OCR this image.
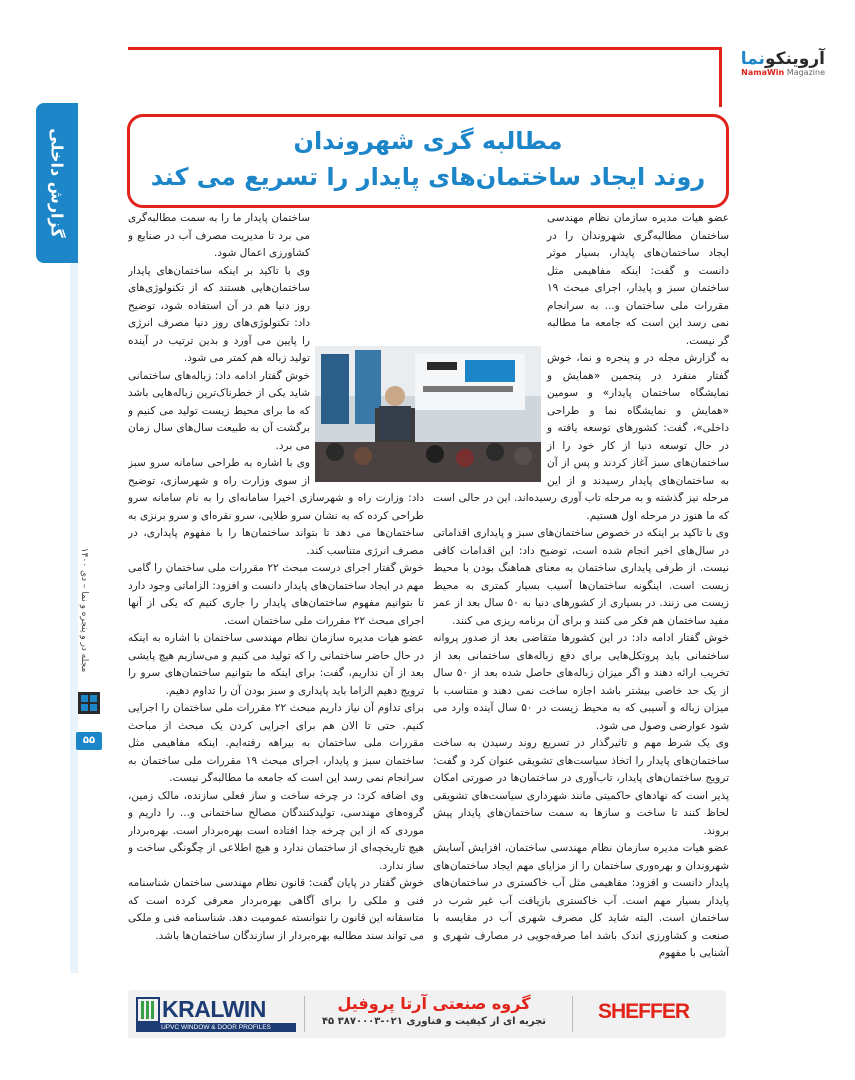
آروینکونما
NamaWin Magazine
گزارش داخلی
مجله در و پنجره و نما – دی ۱۴۰۰
۵۵
مطالبه گری شهروندان
روند ایجاد ساختمان‌های پایدار را تسریع می کند

عضو هیات مدیره سازمان نظام مهندسی ساختمان مطالبه‌گری شهروندان را در ایجاد ساختمان‌های پایدار، بسیار موثر دانست و گفت: اینکه مفاهیمی مثل ساختمان سبز و پایدار، اجرای مبحث ۱۹ مقررات ملی ساختمان و... به سرانجام نمی رسد این است که جامعه ما مطالبه گر نیست.

به گزارش مجله در و پنجره و نما، خوش گفتار منفرد در پنجمین «همایش و نمایشگاه ساختمان پایدار» و سومین «همایش و نمایشگاه نما و طراحی داخلی»، گفت: کشورهای توسعه یافته و در حال توسعه دنیا از کار خود را از ساختمان‌های سبز آغاز کردند و پس از آن به ساختمان‌های پایدار رسیدند و از این مرحله نیز گذشته و به مرحله تاب آوری رسیده‌اند. این در حالی است که ما هنوز در مرحله اول هستیم.

وی با تاکید بر اینکه در خصوص ساختمان‌های سبز و پایداری اقداماتی در سال‌های اخیر انجام شده است، توضیح داد: این اقدامات کافی نیست. از طرفی پایداری ساختمان به معنای هماهنگ بودن با محیط زیست است. اینگونه ساختمان‌ها آسیب بسیار کمتری به محیط زیست می زنند. در بسیاری از کشورهای دنیا به ۵۰ سال بعد از عمر مفید ساختمان هم فکر می کنند و برای آن برنامه ریزی می کنند.

خوش گفتار ادامه داد: در این کشورها متقاضی بعد از صدور پروانه ساختمانی باید پروتکل‌هایی برای دفع زباله‌های ساختمانی بعد از تخریب ارائه دهند و اگر میزان زباله‌های حاصل شده بعد از ۵۰ سال از یک حد خاصی بیشتر باشد اجازه ساخت نمی دهند و متناسب با میزان زباله و آسیبی که به محیط زیست در ۵۰ سال آینده وارد می شود عوارضی وصول می شود.

وی یک شرط مهم و تاثیرگذار در تسریع روند رسیدن به ساخت ساختمان‌های پایدار را اتخاذ سیاست‌های تشویقی عنوان کرد و گفت: ترویج ساختمان‌های پایدار، تاب‌آوری در ساختمان‌ها در صورتی امکان پذیر است که نهادهای حاکمیتی مانند شهرداری سیاست‌های تشویقی لحاظ کنند تا ساخت و سازها به سمت ساختمان‌های پایدار پیش بروند.

عضو هیات مدیره سازمان نظام مهندسی ساختمان، افزایش آسایش شهروندان و بهره‌وری ساختمان را از مزایای مهم ایجاد ساختمان‌های پایدار دانست و افزود: مفاهیمی مثل آب خاکستری در ساختمان‌های پایدار بسیار مهم است. آب خاکستری بازیافت آب غیر شرب در ساختمان است. البته شاید کل مصرف شهری آب در مقایسه با صنعت و کشاورزی اندک باشد اما صرفه‌جویی در مصارف شهری و آشنایی با مفهوم

ساختمان پایدار ما را به سمت مطالبه‌گری می برد تا مدیریت مصرف آب در صنایع و کشاورزی اعمال شود.

وی با تاکید بر اینکه ساختمان‌های پایدار ساختمان‌هایی هستند که از تکنولوژی‌های روز دنیا هم در آن استفاده شود، توضیح داد: تکنولوژی‌های روز دنیا مصرف انرژی را پایین می آورد و بدین ترتیب در آینده تولید زباله هم کمتر می شود.

خوش گفتار ادامه داد: زباله‌های ساختمانی شاید یکی از خطرناک‌ترین زباله‌هایی باشد که ما برای محیط زیست تولید می کنیم و برگشت آن به طبیعت سال‌های سال زمان می برد.

وی با اشاره به طراحی سامانه سرو سبز از سوی وزارت راه و شهرسازی، توضیح داد: وزارت راه و شهرسازی اخیرا سامانه‌ای را به نام سامانه سرو طراحی کرده که به نشان سرو طلایی، سرو نقره‌ای و سرو برنزی به ساختمان‌ها می دهد تا بتواند ساختمان‌ها را با مفهوم پایداری، در مصرف انرژی متناسب کند.

خوش گفتار اجرای درست مبحث ۲۲ مقررات ملی ساختمان را گامی مهم در ایجاد ساختمان‌های پایدار دانست و افزود: الزاماتی وجود دارد تا بتوانیم مفهوم ساختمان‌های پایدار را جاری کنیم که یکی از آنها اجرای مبحث ۲۲ مقررات ملی ساختمان است.

عضو هیات مدیره سازمان نظام مهندسی ساختمان با اشاره به اینکه در حال حاضر ساختمانی را که تولید می کنیم و می‌سازیم هیچ پایشی بعد از آن نداریم، گفت: برای اینکه ما بتوانیم ساختمان‌های سرو را ترویج دهیم الزاما باید پایداری و سبز بودن آن را تداوم دهیم.

برای تداوم آن نیاز داریم مبحث ۲۲ مقررات ملی ساختمان را اجرایی کنیم. حتی تا الان هم برای اجرایی کردن یک مبحث از مباحث مقررات ملی ساختمان به بیراهه رفته‌ایم. اینکه مفاهیمی مثل ساختمان سبز و پایدار، اجرای مبحث ۱۹ مقررات ملی ساختمان به سرانجام نمی رسد این است که جامعه ما مطالبه‌گر نیست.

وی اضافه کرد: در چرخه ساخت و ساز فعلی سازنده، مالک زمین، گروه‌های مهندسی، تولیدکنندگان مصالح ساختمانی و... را داریم و موردی که از این چرخه جدا افتاده است بهره‌بردار است. بهره‌بردار هیچ تاریخچه‌ای از ساختمان ندارد و هیچ اطلاعی از چگونگی ساخت و ساز ندارد.

خوش گفتار در پایان گفت: قانون نظام مهندسی ساختمان شناسنامه فنی و ملکی را برای آگاهی بهره‌بردار معرفی کرده است که متاسفانه این قانون را نتوانسته عمومیت دهد. شناسنامه فنی و ملکی می تواند سند مطالبه بهره‌بردار از سازندگان ساختمان‌ها باشد.

KRALWIN
UPVC WINDOW & DOOR PROFILES
گروه صنعتی آرتا پروفیل
تجربه ای از کیفیت و فناوری ۰۲۱-۳۸۷۰۰۰۳ ۴۵	SHEFFER
